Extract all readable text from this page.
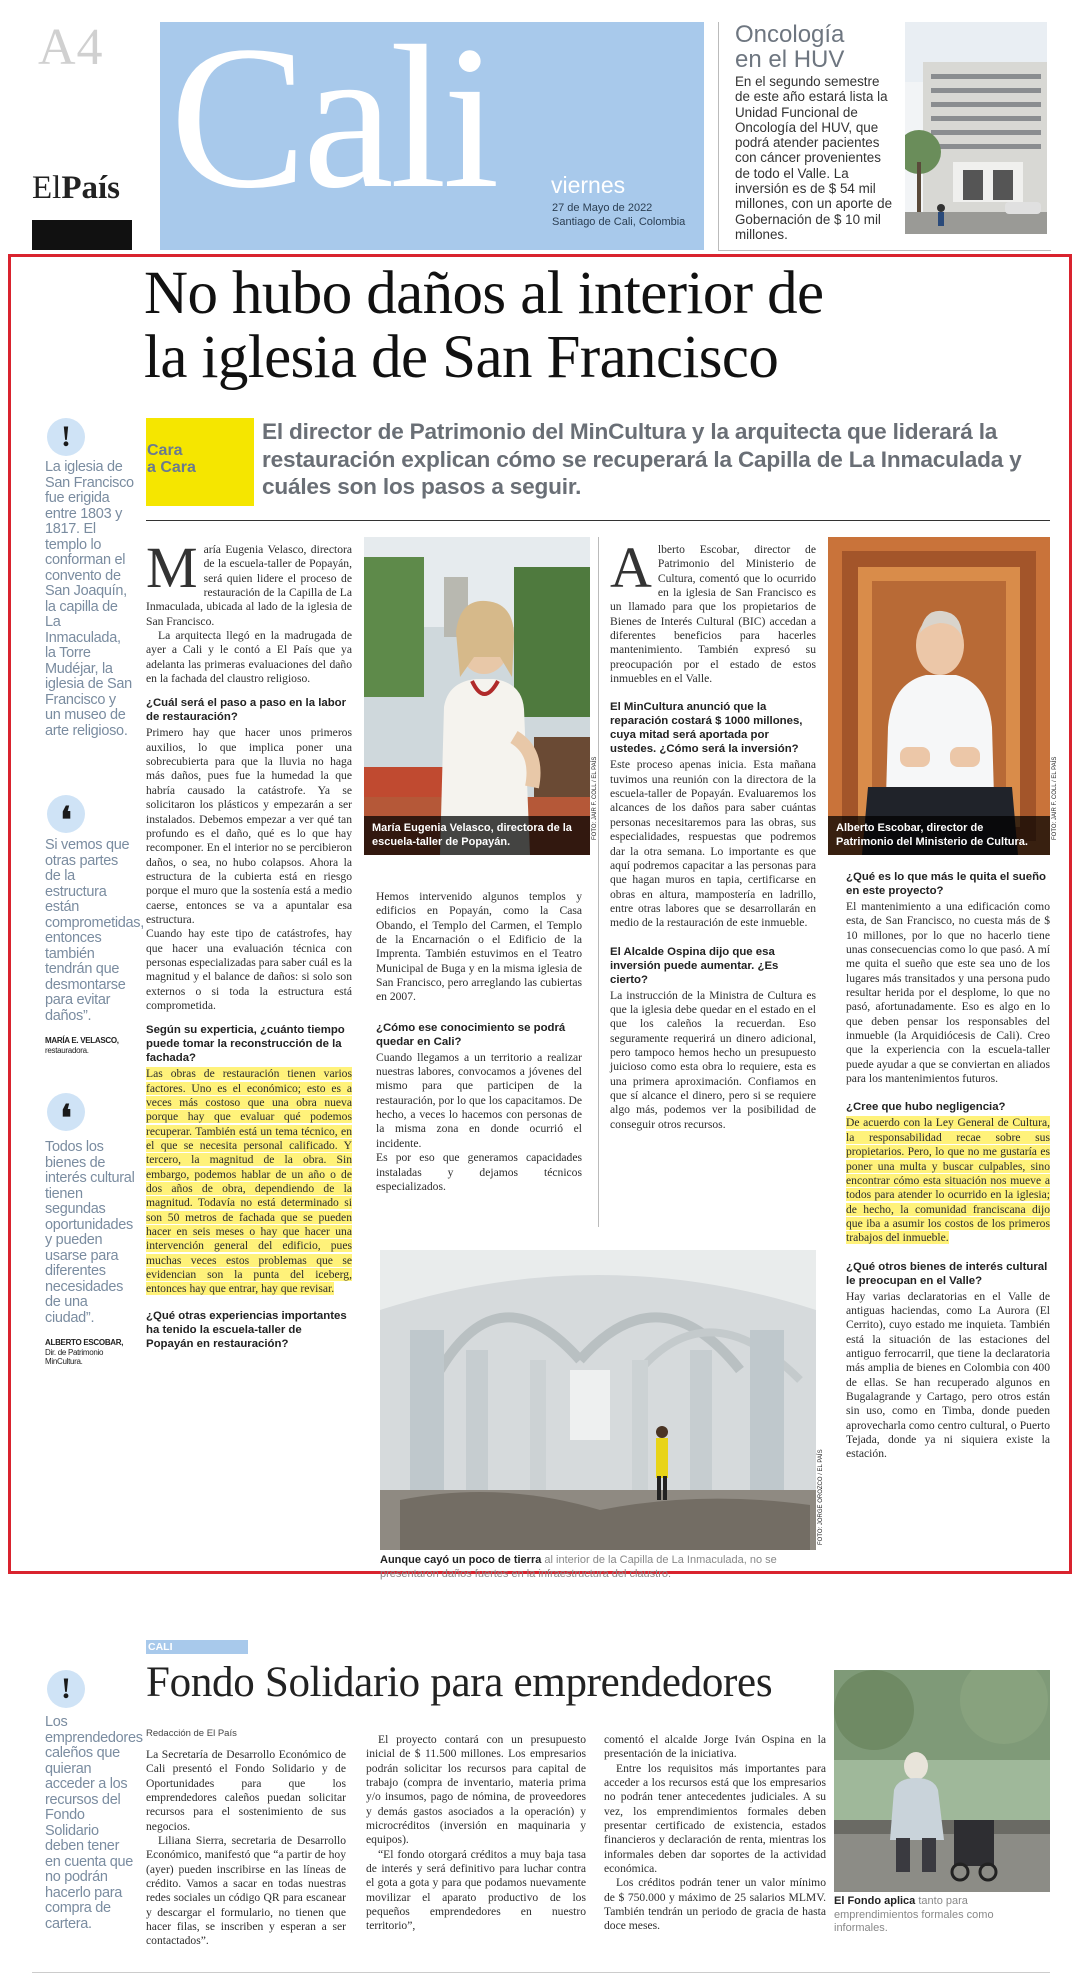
A4
ElPaís Cali viernes
27 de Mayo de 2022
Santiago de Cali, Colombia
Oncología
en el HUV
En el segundo semestre de este año estará lista la Unidad Funcional de Oncología del HUV, que podrá atender pacientes con cáncer provenientes de todo el Valle. La inversión es de $ 54 mil millones, con un aporte de Gobernación de $ 10 mil millones.
No hubo daños al interior de
la iglesia de San Francisco
Cara
a Cara
El director de Patrimonio del MinCultura y la arquitecta que liderará la restauración explican cómo se recuperará la Capilla de La Inmaculada y cuáles son los pasos a seguir.
!
La iglesia de San Francisco fue erigida entre 1803 y 1817. El templo lo conforman el convento de San Joaquín, la capilla de La Inmaculada, la Torre Mudéjar, la iglesia de San Francisco y un museo de arte religioso.
❛
Si vemos que otras partes de la estructura están comprometidas, entonces también tendrán que desmontarse para evitar daños”.
MARÍA E. VELASCO,
restauradora.
❛
Todos los bienes de interés cultural tienen segundas oportunidades y pueden usarse para diferentes necesidades de una ciudad”.
ALBERTO ESCOBAR,
Dir. de Patrimonio MinCultura.

María Eugenia Velasco, directora de la escuela-taller de Popayán, será quien lidere el proceso de restauración de la Capilla de La Inmaculada, ubicada al lado de la iglesia de San Francisco.

La arquitecta llegó en la madrugada de ayer a Cali y le contó a El País que ya adelanta las primeras evaluaciones del daño en la fachada del claustro religioso.

¿Cuál será el paso a paso en la labor de restauración?

Primero hay que hacer unos primeros auxilios, lo que implica poner una sobrecubierta para que la lluvia no haga más daños, pues fue la humedad la que habría causado la catástrofe. Ya se solicitaron los plásticos y empezarán a ser instalados. Debemos empezar a ver qué tan profundo es el daño, qué es lo que hay recomponer. En el interior no se percibieron daños, o sea, no hubo colapsos. Ahora la estructura de la cubierta está en riesgo porque el muro que la sostenía está a medio caerse, entonces se va a apuntalar esa estructura.

Cuando hay este tipo de catástrofes, hay que hacer una evaluación técnica con personas especializadas para saber cuál es la magnitud y el balance de daños: si solo son externos o si toda la estructura está comprometida.

Según su experticia, ¿cuánto tiempo puede tomar la reconstrucción de la fachada?

Las obras de restauración tienen varios factores. Uno es el económico; esto es a veces más costoso que una obra nueva porque hay que evaluar qué podemos recuperar. También está un tema técnico, en el que se necesita personal calificado. Y tercero, la magnitud de la obra. Sin embargo, podemos hablar de un año o de dos años de obra, dependiendo de la magnitud. Todavía no está determinado si son 50 metros de fachada que se pueden hacer en seis meses o hay que hacer una intervención general del edificio, pues muchas veces estos problemas que se evidencian son la punta del iceberg, entonces hay que entrar, hay que revisar.

¿Qué otras experiencias importantes ha tenido la escuela-taller de Popayán en restauración?
María Eugenia Velasco, directora de la escuela-taller de Popayán.
FOTO: JAIR F. COLL / EL PAÍS

Hemos intervenido algunos templos y edificios en Popayán, como la Casa Obando, el Templo del Carmen, el Templo de la Encarnación o el Edificio de la Imprenta. También estuvimos en el Teatro Municipal de Buga y en la misma iglesia de San Francisco, pero arreglando las cubiertas en 2007.

¿Cómo ese conocimiento se podrá quedar en Cali?

Cuando llegamos a un territorio a realizar nuestras labores, convocamos a jóvenes del mismo para que participen de la restauración, por lo que los capacitamos. De hecho, a veces lo hacemos con personas de la misma zona en donde ocurrió el incidente.

Es por eso que generamos capacidades instaladas y dejamos técnicos especializados.

Alberto Escobar, director de Patrimonio del Ministerio de Cultura, comentó que lo ocurrido en la iglesia de San Francisco es un llamado para que los propietarios de Bienes de Interés Cultural (BIC) accedan a diferentes beneficios para hacerles mantenimiento. También expresó su preocupación por el estado de estos inmuebles en el Valle.

El MinCultura anunció que la reparación costará $ 1000 millones, cuya mitad será aportada por ustedes. ¿Cómo será la inversión?

Este proceso apenas inicia. Esta mañana tuvimos una reunión con la directora de la escuela-taller de Popayán. Evaluaremos los alcances de los daños para saber cuántas personas necesitaremos para las obras, sus especialidades, respuestas que podremos dar la otra semana. Lo importante es que aquí podremos capacitar a las personas para que hagan muros en tapia, certificarse en obras en altura, mampostería en ladrillo, entre otras labores que se desarrollarán en medio de la restauración de este inmueble.

El Alcalde Ospina dijo que esa inversión puede aumentar. ¿Es cierto?

La instrucción de la Ministra de Cultura es que la iglesia debe quedar en el estado en el que los caleños la recuerdan. Eso seguramente requerirá un dinero adicional, pero tampoco hemos hecho un presupuesto juicioso como esta obra lo requiere, esta es una primera aproximación. Confiamos en que sí alcance el dinero, pero si se requiere algo más, podemos ver la posibilidad de conseguir otros recursos.

Alberto Escobar, director de Patrimonio del Ministerio de Cultura.
FOTO: JAIR F. COLL / EL PAÍS
¿Qué es lo que más le quita el sueño en este proyecto?

El mantenimiento a una edificación como esta, de San Francisco, no cuesta más de $ 10 millones, por lo que no hacerlo tiene unas consecuencias como lo que pasó. A mí me quita el sueño que este sea uno de los lugares más transitados y una persona pudo resultar herida por el desplome, lo que no pasó, afortunadamente. Eso es algo en lo que deben pensar los responsables del inmueble (la Arquidiócesis de Cali). Creo que la experiencia con la escuela-taller puede ayudar a que se conviertan en aliados para los mantenimientos futuros.

¿Cree que hubo negligencia?

De acuerdo con la Ley General de Cultura, la responsabilidad recae sobre sus propietarios. Pero, lo que no me gustaría es poner una multa y buscar culpables, sino encontrar cómo esta situación nos mueve a todos para atender lo ocurrido en la iglesia; de hecho, la comunidad franciscana dijo que iba a asumir los costos de los primeros trabajos del inmueble.

¿Qué otros bienes de interés cultural le preocupan en el Valle?

Hay varias declaratorias en el Valle de antiguas haciendas, como La Aurora (El Cerrito), cuyo estado me inquieta. También está la situación de las estaciones del antiguo ferrocarril, que tiene la declaratoria más amplia de bienes en Colombia con 400 de ellas. Se han recuperado algunos en Bugalagrande y Cartago, pero otros están sin uso, como en Timba, donde pueden aprovecharla como centro cultural, o Puerto Tejada, donde ya ni siquiera existe la estación.

FOTO: JORGE OROZCO / EL PAÍS
Aunque cayó un poco de tierra al interior de la Capilla de La Inmaculada, no se presentaron daños fuertes en la infraestructura del claustro.
CALI
Fondo Solidario para emprendedores
!
Los emprendedores caleños que quieran acceder a los recursos del Fondo Solidario deben tener en cuenta que no podrán hacerlo para compra de cartera.
Redacción de El País

La Secretaría de Desarrollo Económico de Cali presentó el Fondo Solidario y de Oportunidades para que los emprendedores caleños puedan solicitar recursos para el sostenimiento de sus negocios.

Liliana Sierra, secretaria de Desarrollo Económico, manifestó que “a partir de hoy (ayer) pueden inscribirse en las líneas de crédito. Vamos a sacar en todas nuestras redes sociales un código QR para escanear y descargar el formulario, no tienen que hacer filas, se inscriben y esperan a ser contactados”.

El proyecto contará con un presupuesto inicial de $ 11.500 millones. Los empresarios podrán solicitar los recursos para capital de trabajo (compra de inventario, materia prima y/o insumos, pago de nómina, de proveedores y demás gastos asociados a la operación) y microcréditos (inversión en maquinaria y equipos).

“El fondo otorgará créditos a muy baja tasa de interés y será definitivo para luchar contra el gota a gota y para que podamos nuevamente movilizar el aparato productivo de los pequeños emprendedores en nuestro territorio”,

comentó el alcalde Jorge Iván Ospina en la presentación de la iniciativa.

Entre los requisitos más importantes para acceder a los recursos está que los empresarios no podrán tener antecedentes judiciales. A su vez, los emprendimientos formales deben presentar certificado de existencia, estados financieros y declaración de renta, mientras los informales deben dar soportes de la actividad económica.

Los créditos podrán tener un valor mínimo de $ 750.000 y máximo de 25 salarios MLMV. También tendrán un periodo de gracia de hasta doce meses.

El Fondo aplica tanto para emprendimientos formales como informales.
